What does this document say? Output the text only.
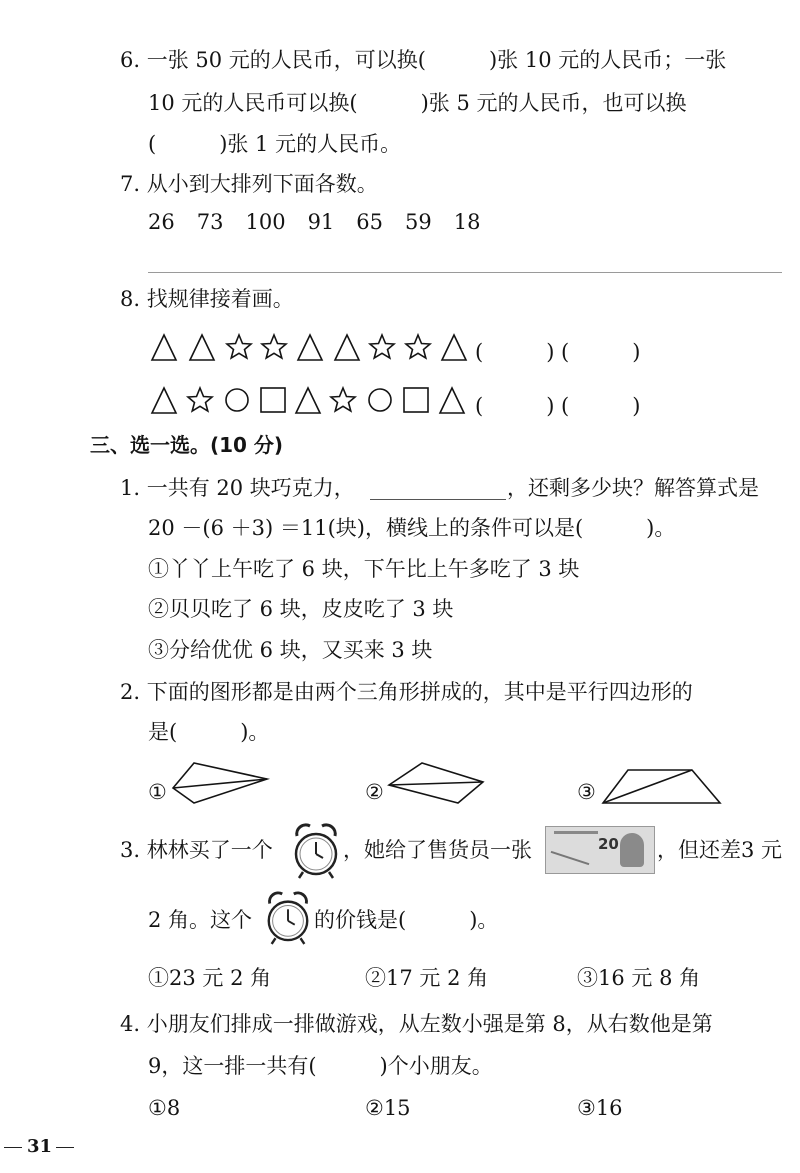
6. 一张 50 元的人民币，可以换(　　　)张 10 元的人民币；一张
10 元的人民币可以换(　　　)张 5 元的人民币，也可以换
(　　　)张 1 元的人民币。
7. 从小到大排列下面各数。
26 73 100 91 65 59 18
8. 找规律接着画。
(　　　) (　　　)
(　　　) (　　　)
三、选一选。(10 分)
1. 一共有 20 块巧克力，	，还剩多少块？解答算式是
20 －(6 ＋3) ＝11(块)，横线上的条件可以是(　　　)。
①丫丫上午吃了 6 块，下午比上午多吃了 3 块
②贝贝吃了 6 块，皮皮吃了 3 块
③分给优优 6 块，又买来 3 块
2. 下面的图形都是由两个三角形拼成的，其中是平行四边形的
是(　　　)。
①	②	③
3. 林林买了一个	，她给了售货员一张	20 ，但还差3 元
2 角。这个	的价钱是(　　　)。
①23 元 2 角	②17 元 2 角	③16 元 8 角
4. 小朋友们排成一排做游戏，从左数小强是第 8，从右数他是第
9，这一排一共有(　　　)个小朋友。
①8	②15	③16
31
